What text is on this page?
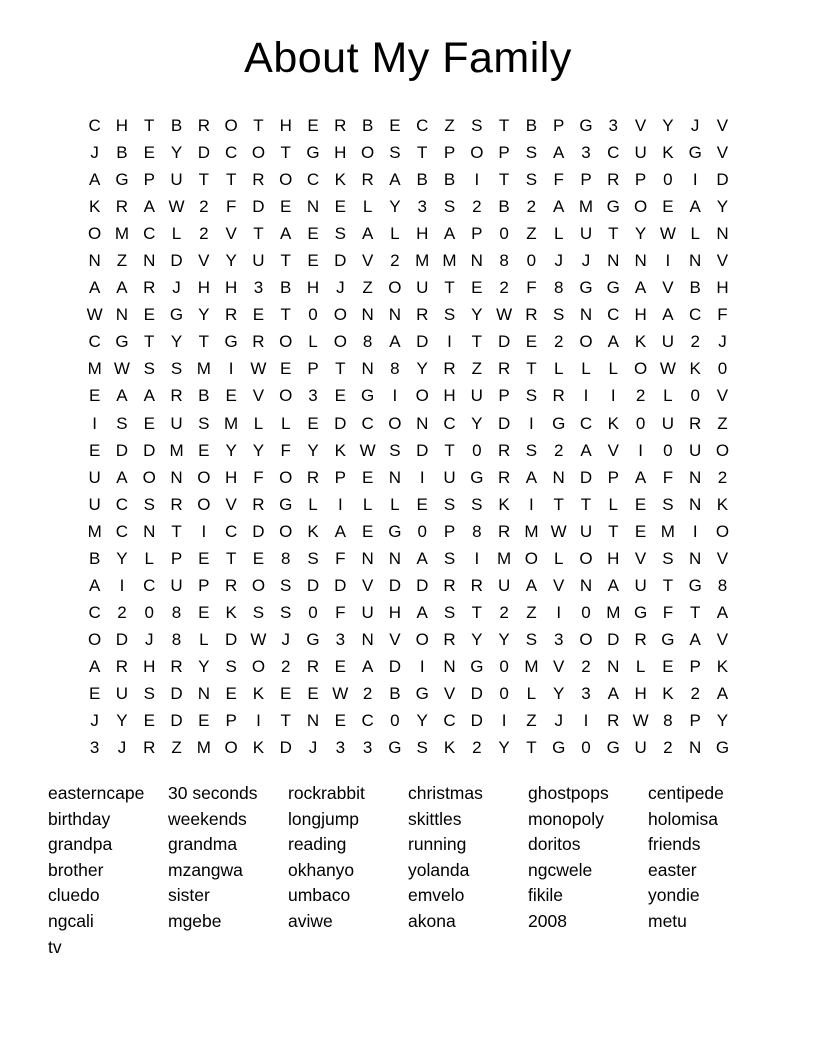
About My Family
C H T B R O T H E R B E C Z S T B P G 3 V Y J V
J B E Y D C O T G H O S T P O P S A 3 C U K G V
A G P U T T R O C K R A B B I T S F P R P 0 I D
K R A W 2 F D E N E L Y 3 S 2 B 2 A M G O E A Y
O M C L 2 V T A E S A L H A P 0 Z L U T Y W L N
N Z N D V Y U T E D V 2 M M N 8 0 J J N N I N V
A A R J H H 3 B H J Z O U T E 2 F 8 G G A V B H
W N E G Y R E T 0 O N N R S Y W R S N C H A C F
C G T Y T G R O L O 8 A D I T D E 2 O A K U 2 J
M W S S M I W E P T N 8 Y R Z R T L L L O W K 0
E A A R B E V O 3 E G I O H U P S R I I 2 L 0 V
I S E U S M L L E D C O N C Y D I G C K 0 U R Z
E D D M E Y Y F Y K W S D T 0 R S 2 A V I 0 U O
U A O N O H F O R P E N I U G R A N D P A F N 2
U C S R O V R G L I L L E S S K I T T L E S N K
M C N T I C D O K A E G 0 P 8 R M W U T E M I O
B Y L P E T E 8 S F N N A S I M O L O H V S N V
A I C U P R O S D D V D D R R U A V N A U T G 8
C 2 0 8 E K S S 0 F U H A S T 2 Z I 0 M G F T A
O D J 8 L D W J G 3 N V O R Y Y S 3 O D R G A V
A R H R Y S O 2 R E A D I N G 0 M V 2 N L E P K
E U S D N E K E E W 2 B G V D 0 L Y 3 A H K 2 A
J Y E D E P I T N E C 0 Y C D I Z J I R W 8 P Y
3 J R Z M O K D J 3 3 G S K 2 Y T G 0 G U 2 N G
easterncape
birthday
grandpa
brother
cluedo
ngcali
tv
30 seconds
weekends
grandma
mzangwa
sister
mgebe
rockrabbit
longjump
reading
okhanyo
umbaco
aviwe
christmas
skittles
running
yolanda
emvelo
akona
ghostpops
monopoly
doritos
ngcwele
fikile
2008
centipede
holomisa
friends
easter
yondie
metu
